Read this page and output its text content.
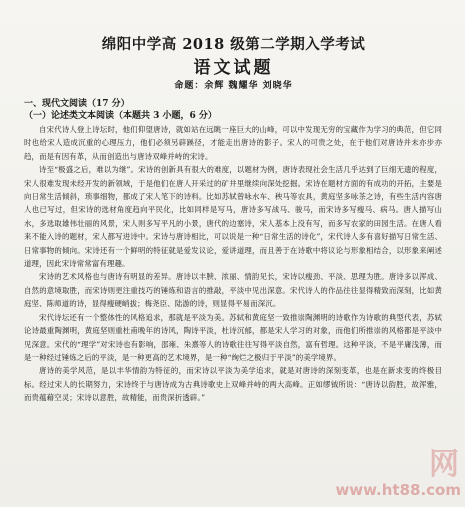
绵阳中学高 2018 级第二学期入学考试
语文试题
命题：余辉 魏耀华 刘晓华

一、现代文阅读（17 分）

（一）论述类文本阅读（本题共 3 小题，6 分）

自宋代诗人登上诗坛时，他们仰望唐诗，就如站在远眺一座巨大的山峰，可以中发现无穷的宝藏作为学习的典范，但它同时也给宋人造成沉重的心理压力，他们必须另辟蹊径，才能走出唐诗的影子。宋人的可贵之处，在于他们对唐诗并未亦步亦趋，而是有因有革，从而创造出与唐诗双峰并峙的宋诗。

诗至“极盛之后，难以为继”。宋诗的创新具有很大的难度，以题材为例，唐诗表现社会生活几乎达到了巨细无遗的程度，宋人很难发现未经开发的新领域，于是他们在唐人开采过的矿井里继续向深处挖掘。宋诗在题材方面的有成功的开拓，主要是向日常生活倾斜，琐事细物，都成了宋人笔下的诗料。比如苏轼曾咏水车、秧马等农具，黄庭坚多咏茶之诗，有些生活内容唐人也已写过，但宋诗的选材角度趋向平民化，比如同样是写马，唐诗多写战马、骏马，而宋诗多写瘦马、病马。唐人描写山水，多选取雄伟壮丽的风景，宋人则多写平凡的小景，唐代的边塞诗，宋人基本上没有写，而多写农家的田园生活。在唐人看来不能入诗的题材，宋人都写进诗中。宋诗与唐诗相比，可以说是一种“日常生活的诗化”，宋代诗人多有喜好描写日常生活、日常事物的倾向。宋诗还有一个鲜明的特征就是爱发议论，爱讲道理，而且善于在诗歌中将议论与形象相结合，以形象来阐述道理，因此宋诗常常富有理趣。

宋诗的艺术风格也与唐诗有明显的差异。唐诗以丰腴、浓丽、情韵见长，宋诗以瘦劲、平淡、思理为胜。唐诗多以浑成、自然的意境取胜，而宋诗则更注重技巧的锤炼和语言的推敲，平淡中见出深意。宋代诗人的作品往往显得精致而深刻，比如黄庭坚、陈师道的诗，显得瘦硬峭拔；梅尧臣、陆游的诗，则显得平易而深沉。

宋代诗坛还有一个整体性的风格追求，那就是平淡为美。苏轼和黄庭坚一致推崇陶渊明的诗歌作为诗歌的典型代表，苏轼论诗最重陶渊明，黄庭坚则重杜甫晚年的诗风，陶诗平淡，杜诗沉郁，都是宋人学习的对象，而他们所推崇的风格都是平淡中见深意。宋代的“理学”对宋诗也有影响，邵雍、朱熹等人的诗歌往往写得平淡自然，富有哲理。这种平淡，不是平庸浅薄，而是一种经过锤炼之后的平淡，是一种更高的艺术境界，是一种“绚烂之极归于平淡”的美学境界。

唐诗的美学风范，是以丰华情韵为特征的，而宋诗以平淡为美学追求，就是对唐诗的深刻变革，也是在新求变的终极目标。经过宋人的长期努力，宋诗终于与唐诗成为古典诗歌史上双峰并峙的两大高峰。正如缪钺所说：“唐诗以韵胜，故浑雅，而贵蕴藉空灵；宋诗以意胜，故精能，而贵深折透辟。”

网
www.ht88.com
